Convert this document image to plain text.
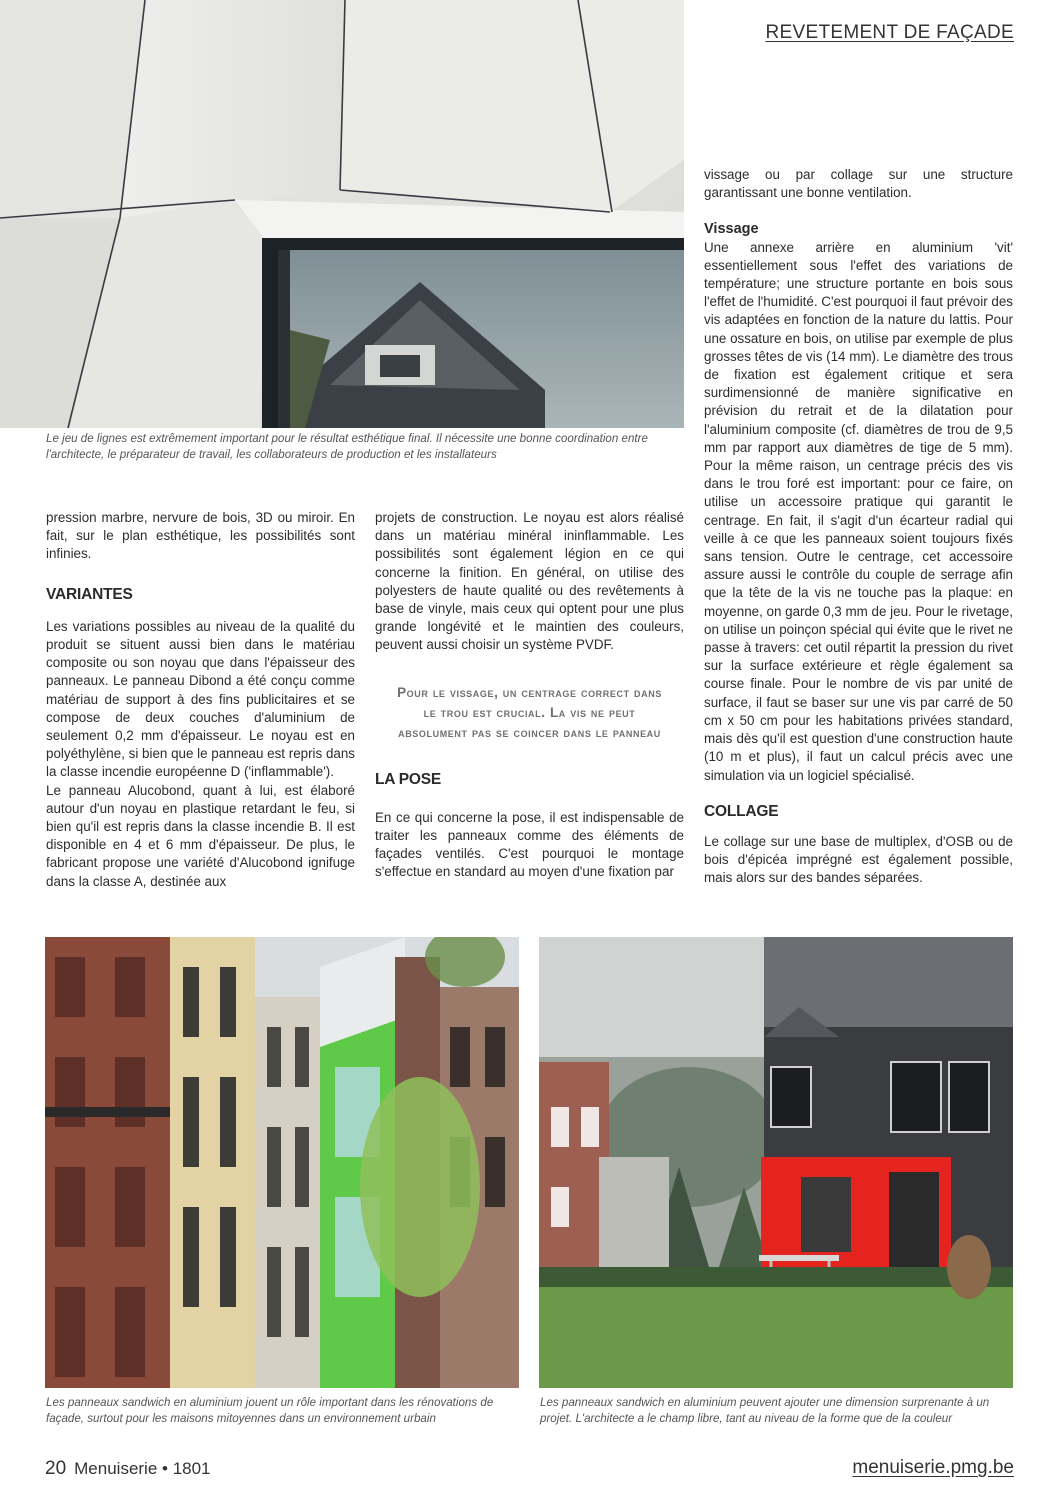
REVETEMENT DE FAÇADE
Le jeu de lignes est extrêmement important pour le résultat esthétique final. Il nécessite une bonne coordination entre l'architecte, le préparateur de travail, les collaborateurs de production et les installateurs

vissage ou par collage sur une structure garantissant une bonne ventilation.

Vissage

Une annexe arrière en aluminium 'vit' essentiellement sous l'effet des variations de température; une structure portante en bois sous l'effet de l'humidité. C'est pourquoi il faut prévoir des vis adaptées en fonction de la nature du lattis. Pour une ossature en bois, on utilise par exemple de plus grosses têtes de vis (14 mm). Le diamètre des trous de fixation est également critique et sera surdimensionné de manière significative en prévision du retrait et de la dilatation pour l'aluminium composite (cf. diamètres de trou de 9,5 mm par rapport aux diamètres de tige de 5 mm). Pour la même raison, un centrage précis des vis dans le trou foré est important: pour ce faire, on utilise un accessoire pratique qui garantit le centrage. En fait, il s'agit d'un écarteur radial qui veille à ce que les panneaux soient toujours fixés sans tension. Outre le centrage, cet accessoire assure aussi le contrôle du couple de serrage afin que la tête de la vis ne touche pas la plaque: en moyenne, on garde 0,3 mm de jeu. Pour le rivetage, on utilise un poinçon spécial qui évite que le rivet ne passe à travers: cet outil répartit la pression du rivet sur la surface extérieure et règle également sa course finale. Pour le nombre de vis par unité de surface, il faut se baser sur une vis par carré de 50 cm x 50 cm pour les habitations privées standard, mais dès qu'il est question d'une construction haute (10 m et plus), il faut un calcul précis avec une simulation via un logiciel spécialisé.

COLLAGE

Le collage sur une base de multiplex, d'OSB ou de bois d'épicéa imprégné est également possible, mais alors sur des bandes séparées.

pression marbre, nervure de bois, 3D ou miroir. En fait, sur le plan esthétique, les possibilités sont infinies.

VARIANTES

Les variations possibles au niveau de la qualité du produit se situent aussi bien dans le matériau composite ou son noyau que dans l'épaisseur des panneaux. Le panneau Dibond a été conçu comme matériau de support à des fins publicitaires et se compose de deux couches d'aluminium de seulement 0,2 mm d'épaisseur. Le noyau est en polyéthylène, si bien que le panneau est repris dans la classe incendie européenne D ('inflammable').

Le panneau Alucobond, quant à lui, est élaboré autour d'un noyau en plastique retardant le feu, si bien qu'il est repris dans la classe incendie B. Il est disponible en 4 et 6 mm d'épaisseur. De plus, le fabricant propose une variété d'Alucobond ignifuge dans la classe A, destinée aux

projets de construction. Le noyau est alors réalisé dans un matériau minéral ininflammable. Les possibilités sont également légion en ce qui concerne la finition. En général, on utilise des polyesters de haute qualité ou des revêtements à base de vinyle, mais ceux qui optent pour une plus grande longévité et le maintien des couleurs, peuvent aussi choisir un système PVDF.

Pour le vissage, un centrage correct dans le trou est crucial. La vis ne peut absolument pas se coincer dans le panneau
LA POSE

En ce qui concerne la pose, il est indispensable de traiter les panneaux comme des éléments de façades ventilés. C'est pourquoi le montage s'effectue en standard au moyen d'une fixation par

Les panneaux sandwich en aluminium jouent un rôle important dans les rénovations de façade, surtout pour les maisons mitoyennes dans un environnement urbain
Les panneaux sandwich en aluminium peuvent ajouter une dimension surprenante à un projet. L'architecte a le champ libre, tant au niveau de la forme que de la couleur
20 Menuiserie • 1801	menuiserie.pmg.be
